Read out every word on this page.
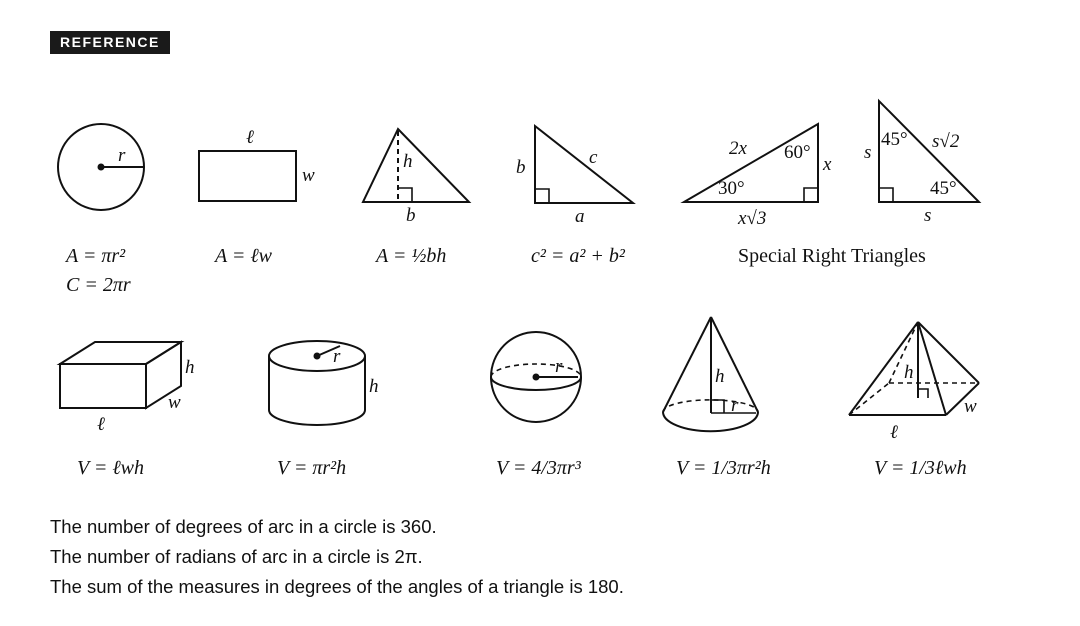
REFERENCE
r
A = πr²
C = 2πr
ℓ
w
A = ℓw
h
b
A = ½bh
b	c
a
c² = a² + b²
2x 60°
x
30°
x√3
s
45° s√2
45°
s
Special Right Triangles
h
w
ℓ
V = ℓwh
r
h
V = πr²h
r
V = 4/3πr³
h
r
V = 1/3πr²h
h
w
ℓ
V = 1/3ℓwh
The number of degrees of arc in a circle is 360.
The number of radians of arc in a circle is 2π.
The sum of the measures in degrees of the angles of a triangle is 180.
